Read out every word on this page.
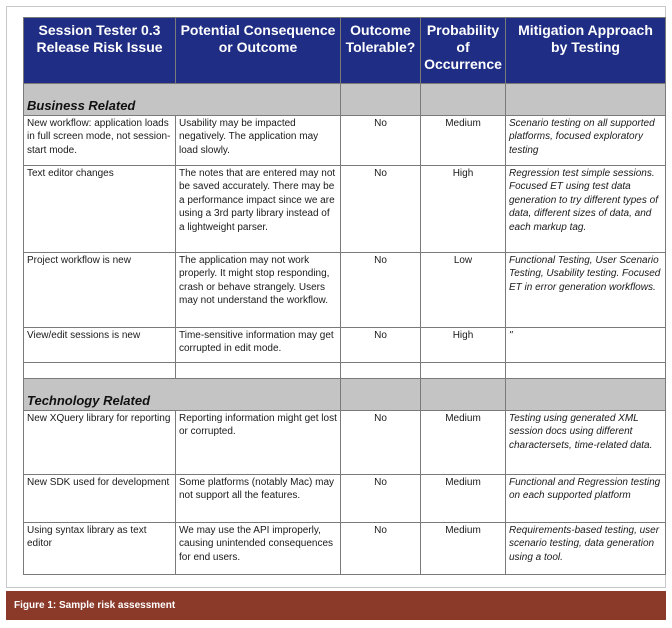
Session Tester 0.3 Release Risk Issue	Potential Consequence or Outcome	Outcome Tolerable?	Probability of Occurrence	Mitigation Approach by Testing
Business Related				
New workflow: application loads in full screen mode, not session-start mode.	Usability may be impacted negatively. The application may load slowly.	No	Medium	Scenario testing on all supported platforms, focused exploratory testing
Text editor changes	The notes that are entered may not be saved accurately. There may be a performance impact since we are using a 3rd party library instead of a lightweight parser.	No	High	Regression test simple sessions. Focused ET using test data generation to try different types of data, different sizes of data, and each markup tag.
Project workflow is new	The application may not work properly. It might stop responding, crash or behave strangely. Users may not understand the workflow.	No	Low	Functional Testing, User Scenario Testing, Usability testing. Focused ET in error generation workflows.
View/edit sessions is new	Time-sensitive information may get corrupted in edit mode.	No	High	"

Technology Related				
New XQuery library for reporting	Reporting information might get lost or corrupted.	No	Medium	Testing using generated XML session docs using different charactersets, time-related data.
New SDK used for development	Some platforms (notably Mac) may not support all the features.	No	Medium	Functional and Regression testing on each supported platform
Using syntax library as text editor	We may use the API improperly, causing unintended consequences for end users.	No	Medium	Requirements-based testing, user scenario testing, data generation using a tool.
Figure 1: Sample risk assessment
